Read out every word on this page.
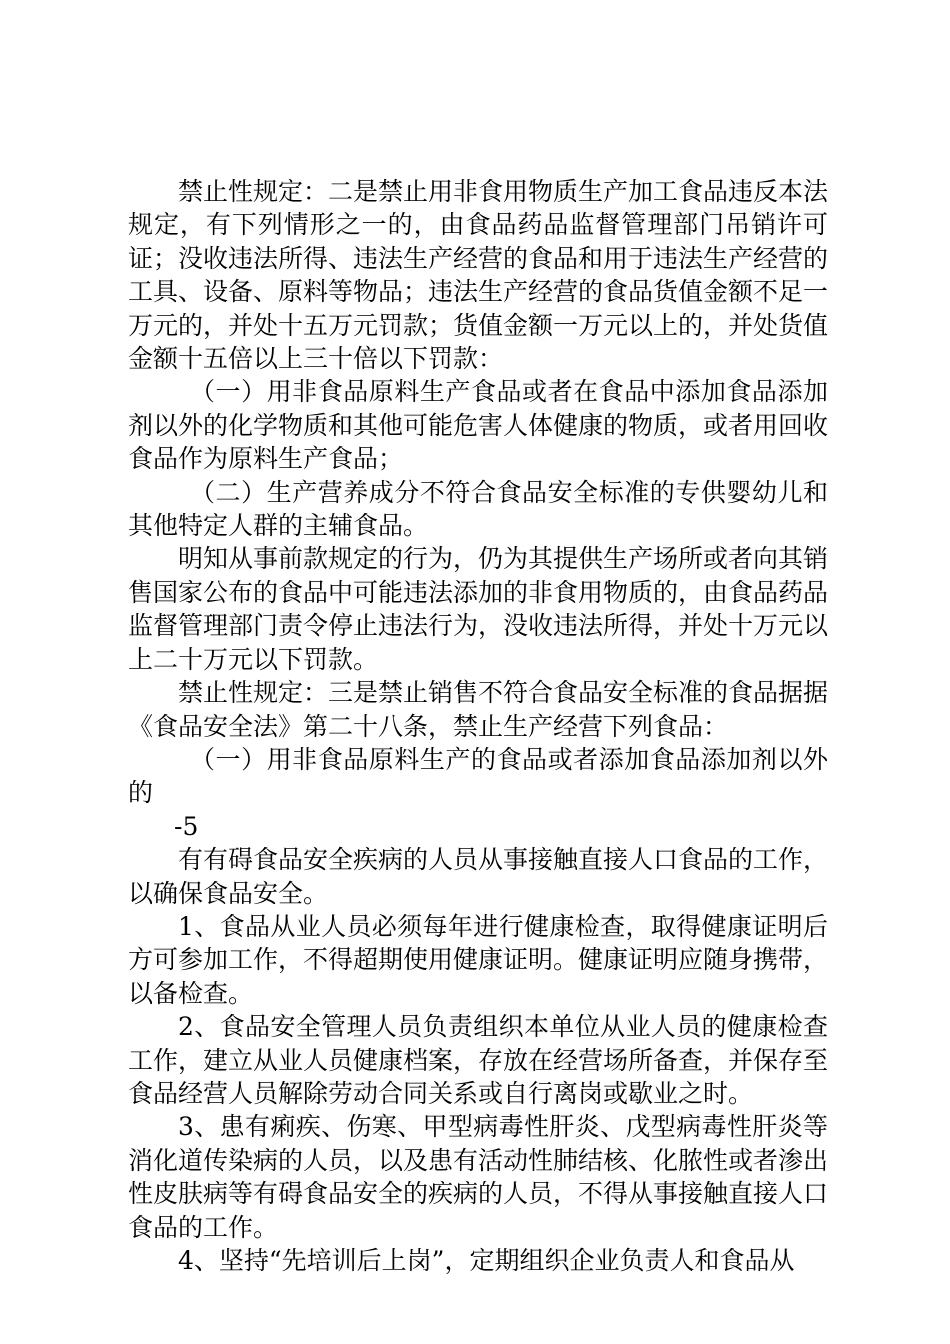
禁止性规定：二是禁止用非食用物质生产加工食品违反本法规定，有下列情形之一的，由食品药品监督管理部门吊销许可证；没收违法所得、违法生产经营的食品和用于违法生产经营的工具、设备、原料等物品；违法生产经营的食品货值金额不足一万元的，并处十五万元罚款；货值金额一万元以上的，并处货值金额十五倍以上三十倍以下罚款：

（一）用非食品原料生产食品或者在食品中添加食品添加剂以外的化学物质和其他可能危害人体健康的物质，或者用回收食品作为原料生产食品；

（二）生产营养成分不符合食品安全标准的专供婴幼儿和其他特定人群的主辅食品。

明知从事前款规定的行为，仍为其提供生产场所或者向其销售国家公布的食品中可能违法添加的非食用物质的，由食品药品监督管理部门责令停止违法行为，没收违法所得，并处十万元以上二十万元以下罚款。

禁止性规定：三是禁止销售不符合食品安全标准的食品据据《食品安全法》第二十八条，禁止生产经营下列食品：

（一）用非食品原料生产的食品或者添加食品添加剂以外的

-5

有有碍食品安全疾病的人员从事接触直接人口食品的工作，以确保食品安全。

1、食品从业人员必须每年进行健康检查，取得健康证明后方可参加工作，不得超期使用健康证明。健康证明应随身携带，以备检查。

2、食品安全管理人员负责组织本单位从业人员的健康检查工作，建立从业人员健康档案，存放在经营场所备查，并保存至食品经营人员解除劳动合同关系或自行离岗或歇业之时。

3、患有痢疾、伤寒、甲型病毒性肝炎、戊型病毒性肝炎等消化道传染病的人员，以及患有活动性肺结核、化脓性或者渗出性皮肤病等有碍食品安全的疾病的人员，不得从事接触直接人口食品的工作。

4、坚持“先培训后上岗”，定期组织企业负责人和食品从
